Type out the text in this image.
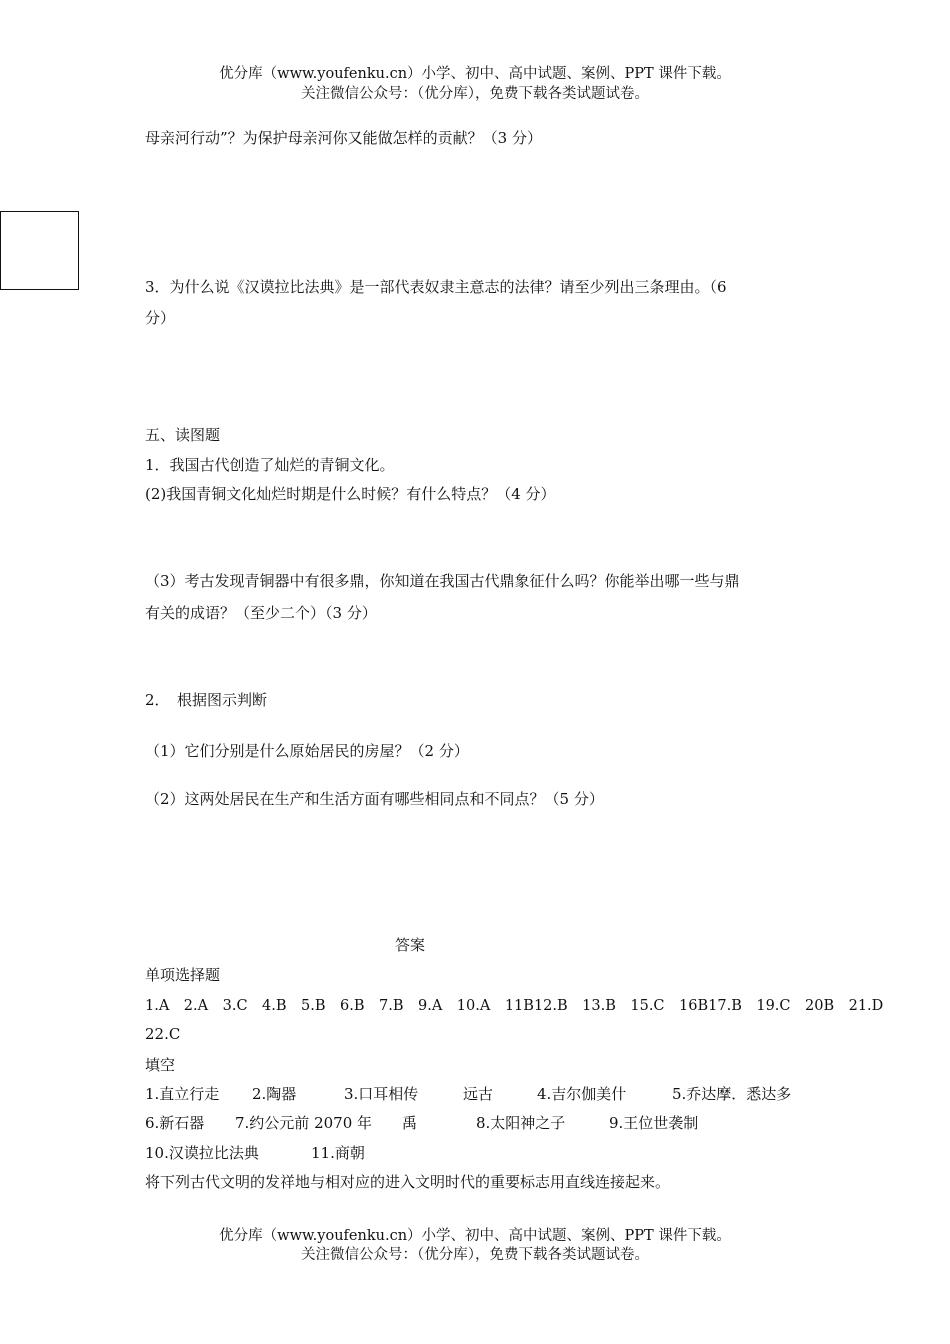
优分库（www.youfenku.cn）小学、初中、高中试题、案例、PPT 课件下载。
关注微信公众号：（优分库），免费下载各类试题试卷。
母亲河行动”？为保护母亲河你又能做怎样的贡献？（3 分）
3．为什么说《汉谟拉比法典》是一部代表奴隶主意志的法律？请至少列出三条理由。（6
分）
五、读图题
1．我国古代创造了灿烂的青铜文化。
(2)我国青铜文化灿烂时期是什么时候？有什么特点？（4 分）
（3）考古发现青铜器中有很多鼎，你知道在我国古代鼎象征什么吗？你能举出哪一些与鼎
有关的成语？（至少二个）（3 分）
2．　根据图示判断
（1）它们分别是什么原始居民的房屋？（2 分）
（2）这两处居民在生产和生活方面有哪些相同点和不同点？（5 分）
答案
单项选择题
1.A　2.A　3.C　4.B　5.B　6.B　7.B　9.A　10.A　11B12.B　13.B　15.C　16B17.B　19.C　20B　21.D
22.C
填空
1.直立行走 2.陶器	3.口耳相传	远古	4.吉尔伽美什	5.乔达摩．悉达多
6.新石器 7.约公元前 2070 年 禹	8.太阳神之子	9.王位世袭制
10.汉谟拉比法典	11.商朝
将下列古代文明的发祥地与相对应的进入文明时代的重要标志用直线连接起来。
优分库（www.youfenku.cn）小学、初中、高中试题、案例、PPT 课件下载。
关注微信公众号：（优分库），免费下载各类试题试卷。
